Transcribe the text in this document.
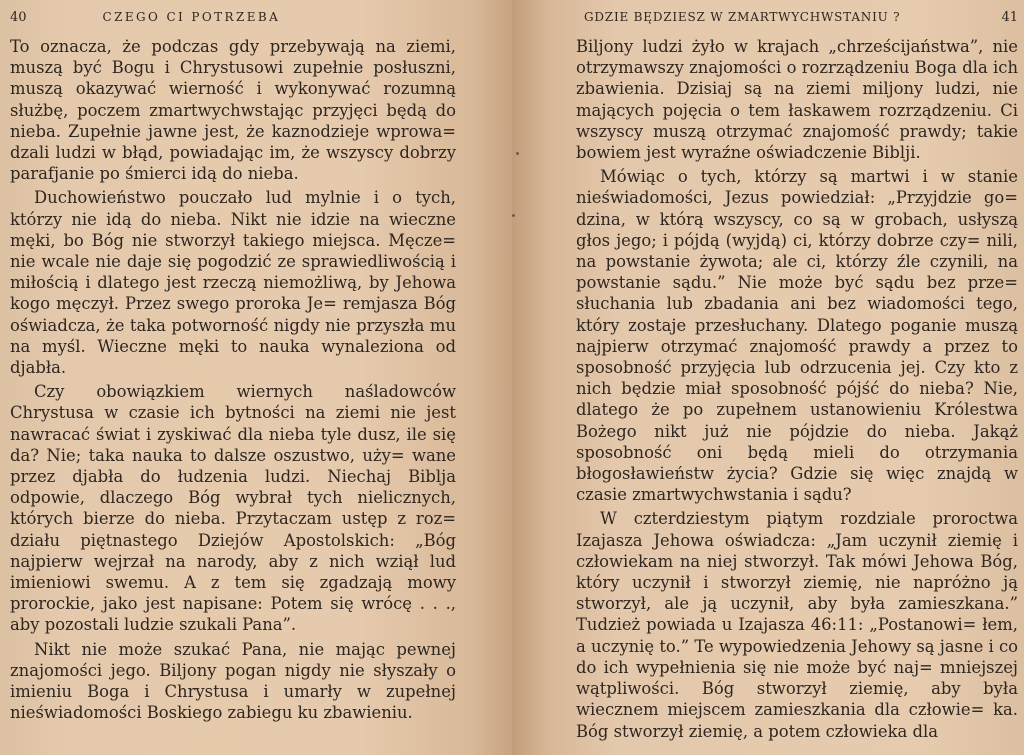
40	CZEGO CI POTRZEBA

To oznacza, że podczas gdy przebywają na ziemi, muszą być Bogu i Chrystusowi zupełnie posłuszni, muszą okazywać wierność i wykonywać rozumną służbę, poczem zmartwychwstając przyjęci będą do nieba. Zupełnie jawne jest, że kaznodzieje wprowa= dzali ludzi w błąd, powiadając im, że wszyscy dobrzy parafjanie po śmierci idą do nieba.

Duchowieństwo pouczało lud mylnie i o tych, którzy nie idą do nieba. Nikt nie idzie na wieczne męki, bo Bóg nie stworzył takiego miejsca. Męcze= nie wcale nie daje się pogodzić ze sprawiedliwością i miłością i dlatego jest rzeczą niemożliwą, by Jehowa kogo męczył. Przez swego proroka Je= remjasza Bóg oświadcza, że taka potworność nigdy nie przyszła mu na myśl. Wieczne męki to nauka wynaleziona od djabła.

Czy obowiązkiem wiernych naśladowców Chrystusa w czasie ich bytności na ziemi nie jest nawracać świat i zyskiwać dla nieba tyle dusz, ile się da? Nie; taka nauka to dalsze oszustwo, uży= wane przez djabła do łudzenia ludzi. Niechaj Biblja odpowie, dlaczego Bóg wybrał tych nielicznych, których bierze do nieba. Przytaczam ustęp z roz= działu piętnastego Dziejów Apostolskich: „Bóg najpierw wejrzał na narody, aby z nich wziął lud imieniowi swemu. A z tem się zgadzają mowy prorockie, jako jest napisane: Potem się wrócę . . ., aby pozostali ludzie szukali Pana”.

Nikt nie może szukać Pana, nie mając pewnej znajomości jego. Biljony pogan nigdy nie słyszały o imieniu Boga i Chrystusa i umarły w zupełnej nieświadomości Boskiego zabiegu ku zbawieniu.

GDZIE BĘDZIESZ W ZMARTWYCHWSTANIU ?	41

Biljony ludzi żyło w krajach „chrześcijaństwa”, nie otrzymawszy znajomości o rozrządzeniu Boga dla ich zbawienia. Dzisiaj są na ziemi miljony ludzi, nie mających pojęcia o tem łaskawem rozrządzeniu. Ci wszyscy muszą otrzymać znajomość prawdy; takie bowiem jest wyraźne oświadczenie Biblji.

Mówiąc o tych, którzy są martwi i w stanie nieświadomości, Jezus powiedział: „Przyjdzie go= dzina, w którą wszyscy, co są w grobach, usłyszą głos jego; i pójdą (wyjdą) ci, którzy dobrze czy= nili, na powstanie żywota; ale ci, którzy źle czynili, na powstanie sądu.” Nie może być sądu bez prze= słuchania lub zbadania ani bez wiadomości tego, który zostaje przesłuchany. Dlatego poganie muszą najpierw otrzymać znajomość prawdy a przez to sposobność przyjęcia lub odrzucenia jej. Czy kto z nich będzie miał sposobność pójść do nieba? Nie, dlatego że po zupełnem ustanowieniu Królestwa Bożego nikt już nie pójdzie do nieba. Jakąż sposobność oni będą mieli do otrzymania błogosławieństw życia? Gdzie się więc znajdą w czasie zmartwychwstania i sądu?

W czterdziestym piątym rozdziale proroctwa Izajasza Jehowa oświadcza: „Jam uczynił ziemię i człowiekam na niej stworzył. Tak mówi Jehowa Bóg, który uczynił i stworzył ziemię, nie napróżno ją stworzył, ale ją uczynił, aby była zamieszkana.” Tudzież powiada u Izajasza 46:11: „Postanowi= łem, a uczynię to.” Te wypowiedzenia Jehowy są jasne i co do ich wypełnienia się nie może być naj= mniejszej wątpliwości. Bóg stworzył ziemię, aby była wiecznem miejscem zamieszkania dla człowie= ka. Bóg stworzył ziemię, a potem człowieka dla
